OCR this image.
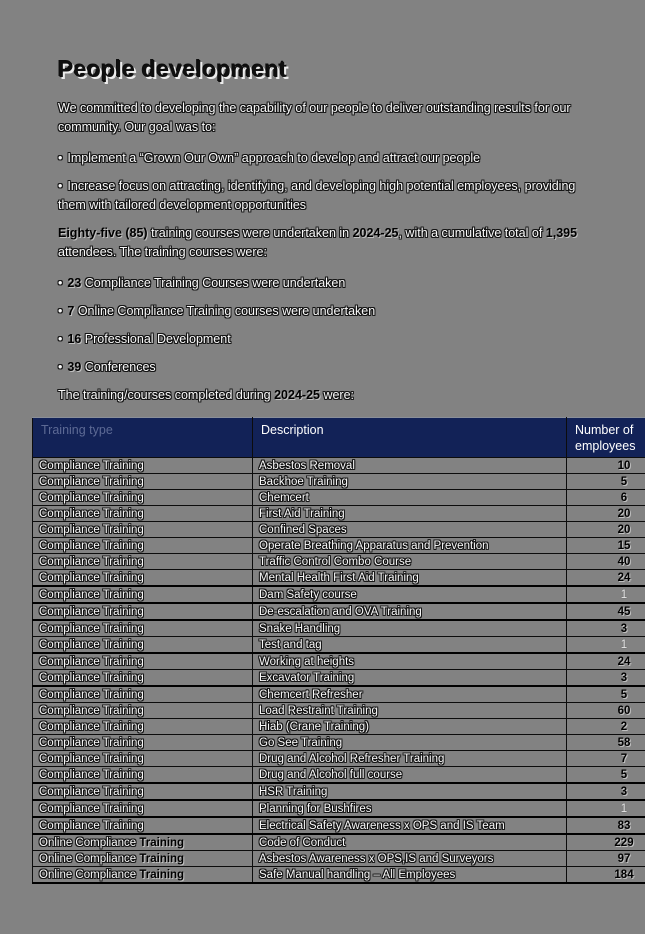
People development

We committed to developing the capability of our people to deliver outstanding results for our community. Our goal was to:

• Implement a “Grown Our Own” approach to develop and attract our people

• Increase focus on attracting, identifying, and developing high potential employees, providing them with tailored development opportunities

Eighty-five (85) training courses were undertaken in 2024-25, with a cumulative total of 1,395 attendees. The training courses were:

• 23 Compliance Training Courses were undertaken

• 7 Online Compliance Training courses were undertaken

• 16 Professional Development

• 39 Conferences

The training/courses completed during 2024-25 were:

Training type	Description	Number of employees
Compliance Training	Asbestos Removal	10
Compliance Training	Backhoe Training	5
Compliance Training	Chemcert	6
Compliance Training	First Aid Training	20
Compliance Training	Confined Spaces	20
Compliance Training	Operate Breathing Apparatus and Prevention	15
Compliance Training	Traffic Control Combo Course	40
Compliance Training	Mental Health First Aid Training	24
Compliance Training	Dam Safety course	1
Compliance Training	De-escalation and OVA Training	45
Compliance Training	Snake Handling	3
Compliance Training	Test and tag	1
Compliance Training	Working at heights	24
Compliance Training	Excavator Training	3
Compliance Training	Chemcert Refresher	5
Compliance Training	Load Restraint Training	60
Compliance Training	Hiab (Crane Training)	2
Compliance Training	Go See Training	58
Compliance Training	Drug and Alcohol Refresher Training	7
Compliance Training	Drug and Alcohol full course	5
Compliance Training	HSR Training	3
Compliance Training	Planning for Bushfires	1
Compliance Training	Electrical Safety Awareness x OPS and IS Team	83
Online Compliance Training	Code of Conduct	229
Online Compliance Training	Asbestos Awareness x OPS,IS and Surveyors	97
Online Compliance Training	Safe Manual handling – All Employees	184
